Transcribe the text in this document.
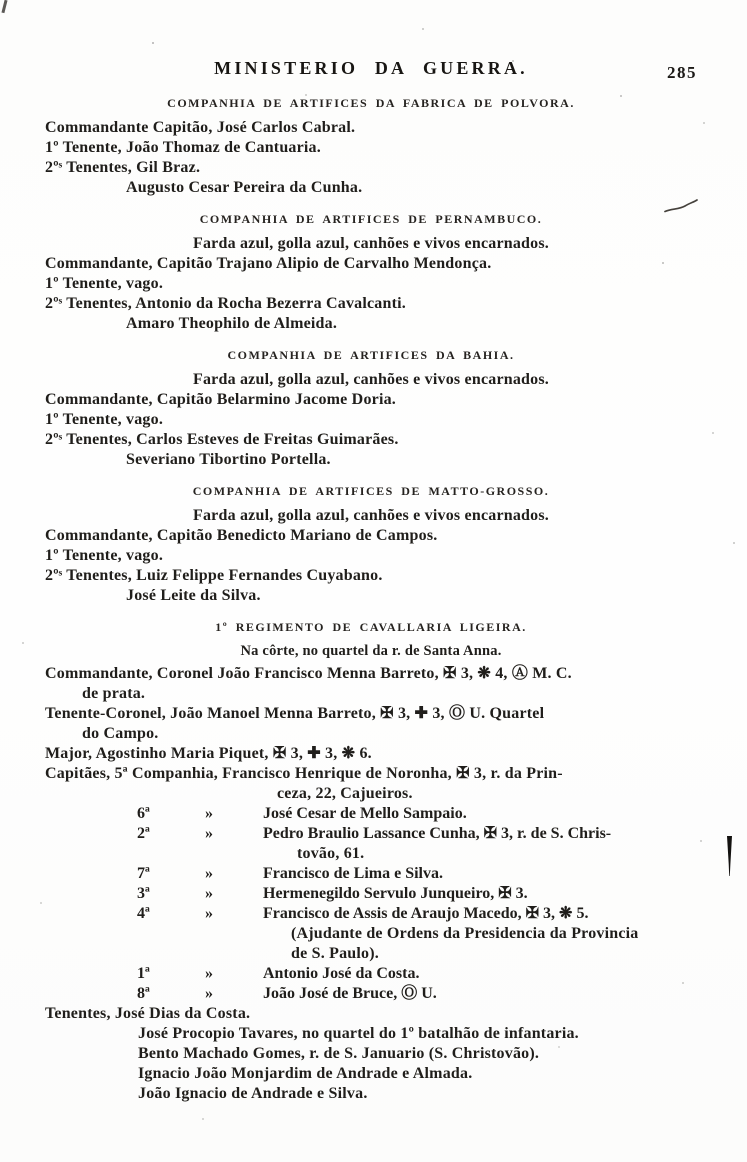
MINISTERIO DA GUERRA.	285
COMPANHIA DE ARTIFICES DA FABRICA DE POLVORA.

Commandante Capitão, José Carlos Cabral.

1º Tenente, João Thomaz de Cantuaria.

2ºˢ Tenentes, Gil Braz.

Augusto Cesar Pereira da Cunha.

COMPANHIA DE ARTIFICES DE PERNAMBUCO.

Farda azul, golla azul, canhões e vivos encarnados.

Commandante, Capitão Trajano Alipio de Carvalho Mendonça.

1º Tenente, vago.

2ºˢ Tenentes, Antonio da Rocha Bezerra Cavalcanti.

Amaro Theophilo de Almeida.

COMPANHIA DE ARTIFICES DA BAHIA.

Farda azul, golla azul, canhões e vivos encarnados.

Commandante, Capitão Belarmino Jacome Doria.

1º Tenente, vago.

2ºˢ Tenentes, Carlos Esteves de Freitas Guimarães.

Severiano Tibortino Portella.

COMPANHIA DE ARTIFICES DE MATTO-GROSSO.

Farda azul, golla azul, canhões e vivos encarnados.

Commandante, Capitão Benedicto Mariano de Campos.

1º Tenente, vago.

2ºˢ Tenentes, Luiz Felippe Fernandes Cuyabano.

José Leite da Silva.

1º REGIMENTO DE CAVALLARIA LIGEIRA.

Na côrte, no quartel da r. de Santa Anna.

Commandante, Coronel João Francisco Menna Barreto, ✠ 3, ❋ 4, Ⓐ M. C.

de prata.

Tenente-Coronel, João Manoel Menna Barreto, ✠ 3, ✚ 3, Ⓞ U. Quartel

do Campo.

Major, Agostinho Maria Piquet, ✠ 3, ✚ 3, ❋ 6.

Capitães, 5ª Companhia, Francisco Henrique de Noronha, ✠ 3, r. da Prin-

ceza, 22, Cajueiros.

6ª	»	José Cesar de Mello Sampaio.
2ª	»	Pedro Braulio Lassance Cunha, ✠ 3, r. de S. Chris-

tovão, 61.

7ª	»	Francisco de Lima e Silva.
3ª	»	Hermenegildo Servulo Junqueiro, ✠ 3.
4ª	»	Francisco de Assis de Araujo Macedo, ✠ 3, ❋ 5.

(Ajudante de Ordens da Presidencia da Provincia

de S. Paulo).

1ª	»	Antonio José da Costa.
8ª	»	João José de Bruce, Ⓞ U.

Tenentes, José Dias da Costa.

José Procopio Tavares, no quartel do 1º batalhão de infantaria.

Bento Machado Gomes, r. de S. Januario (S. Christovão).

Ignacio João Monjardim de Andrade e Almada.

João Ignacio de Andrade e Silva.
